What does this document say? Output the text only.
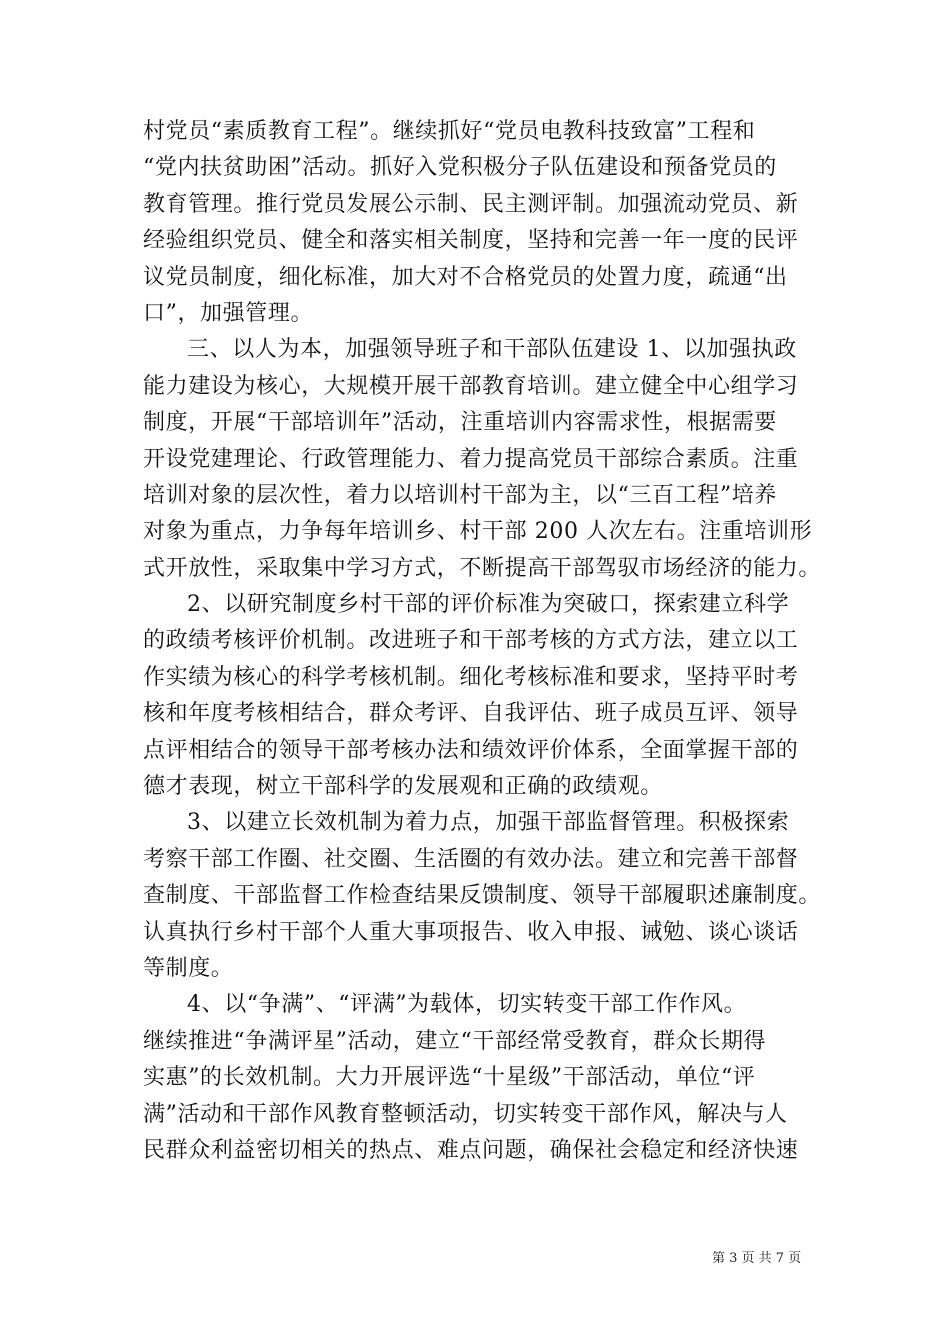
村党员“素质教育工程”。继续抓好“党员电教科技致富”工程和
“党内扶贫助困”活动。抓好入党积极分子队伍建设和预备党员的
教育管理。推行党员发展公示制、民主测评制。加强流动党员、新
经验组织党员、健全和落实相关制度，坚持和完善一年一度的民评
议党员制度，细化标准，加大对不合格党员的处置力度，疏通“出
口”，加强管理。
三、以人为本，加强领导班子和干部队伍建设 1、以加强执政
能力建设为核心，大规模开展干部教育培训。建立健全中心组学习
制度，开展“干部培训年”活动，注重培训内容需求性，根据需要
开设党建理论、行政管理能力、着力提高党员干部综合素质。注重
培训对象的层次性，着力以培训村干部为主，以“三百工程”培养
对象为重点，力争每年培训乡、村干部 200 人次左右。注重培训形
式开放性，采取集中学习方式，不断提高干部驾驭市场经济的能力。
2、以研究制度乡村干部的评价标准为突破口，探索建立科学
的政绩考核评价机制。改进班子和干部考核的方式方法，建立以工
作实绩为核心的科学考核机制。细化考核标准和要求，坚持平时考
核和年度考核相结合，群众考评、自我评估、班子成员互评、领导
点评相结合的领导干部考核办法和绩效评价体系，全面掌握干部的
德才表现，树立干部科学的发展观和正确的政绩观。
3、以建立长效机制为着力点，加强干部监督管理。积极探索
考察干部工作圈、社交圈、生活圈的有效办法。建立和完善干部督
查制度、干部监督工作检查结果反馈制度、领导干部履职述廉制度。
认真执行乡村干部个人重大事项报告、收入申报、诫勉、谈心谈话
等制度。
4、以“争满”、“评满”为载体，切实转变干部工作作风。
继续推进“争满评星”活动，建立“干部经常受教育，群众长期得
实惠”的长效机制。大力开展评选“十星级”干部活动，单位“评
满”活动和干部作风教育整顿活动，切实转变干部作风，解决与人
民群众利益密切相关的热点、难点问题，确保社会稳定和经济快速
第 3 页 共 7 页
